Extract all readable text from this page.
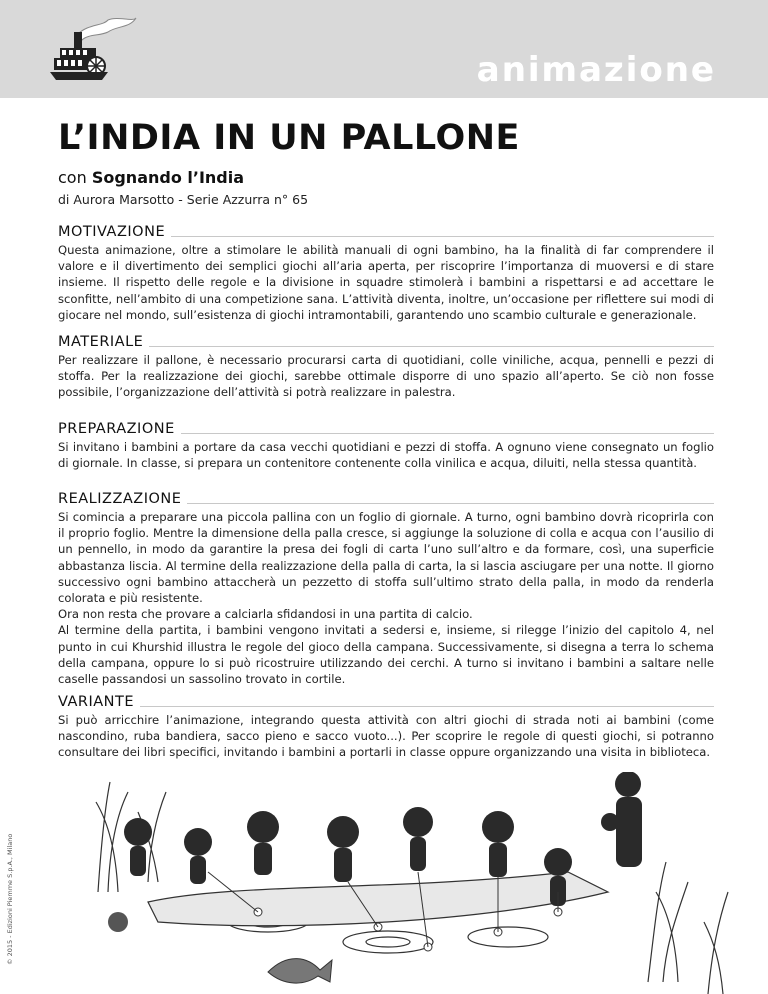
animazione
L’INDIA IN UN PALLONE
con Sognando l’India
di Aurora Marsotto - Serie Azzurra n° 65
MOTIVAZIONE

Questa animazione, oltre a stimolare le abilità manuali di ogni bambino, ha la finalità di far comprendere il valore e il divertimento dei semplici giochi all’aria aperta, per riscoprire l’importanza di muoversi e di stare insieme. Il rispetto delle regole e la divisione in squadre stimolerà i bambini a rispettarsi e ad accettare le sconfitte, nell’ambito di una competizione sana. L’attività diventa, inoltre, un’occasione per riflettere sui modi di giocare nel mondo, sull’esistenza di giochi intramontabili, garantendo uno scambio culturale e generazionale.

MATERIALE

Per realizzare il pallone, è necessario procurarsi carta di quotidiani, colle viniliche, acqua, pennelli e pezzi di stoffa. Per la realizzazione dei giochi, sarebbe ottimale disporre di uno spazio all’aperto. Se ciò non fosse possibile, l’organizzazione dell’attività si potrà realizzare in palestra.

PREPARAZIONE

Si invitano i bambini a portare da casa vecchi quotidiani e pezzi di stoffa. A ognuno viene consegnato un foglio di giornale. In classe, si prepara un contenitore contenente colla vinilica e acqua, diluiti, nella stessa quantità.

REALIZZAZIONE

Si comincia a preparare una piccola pallina con un foglio di giornale. A turno, ogni bambino dovrà ricoprirla con il proprio foglio. Mentre la dimensione della palla cresce, si aggiunge la soluzione di colla e acqua con l’ausilio di un pennello, in modo da garantire la presa dei fogli di carta l’uno sull’altro e da formare, così, una superficie abbastanza liscia. Al termine della realizzazione della palla di carta, la si lascia asciugare per una notte. Il giorno successivo ogni bambino attaccherà un pezzetto di stoffa sull’ultimo strato della palla, in modo da renderla colorata e più resistente.

Ora non resta che provare a calciarla sfidandosi in una partita di calcio.

Al termine della partita, i bambini vengono invitati a sedersi e, insieme, si rilegge l’inizio del capitolo 4, nel punto in cui Khurshid illustra le regole del gioco della campana. Successivamente, si disegna a terra lo schema della campana, oppure lo si può ricostruire utilizzando dei cerchi. A turno si invitano i bambini a saltare nelle caselle passandosi un sassolino trovato in cortile.

VARIANTE

Si può arricchire l’animazione, integrando questa attività con altri giochi di strada noti ai bambini (come nascondino, ruba bandiera, sacco pieno e sacco vuoto...). Per scoprire le regole di questi giochi, si potranno consultare dei libri specifici, invitando i bambini a portarli in classe oppure organizzando una visita in biblioteca.

© 2015 - Edizioni Piemme S.p.A., Milano
